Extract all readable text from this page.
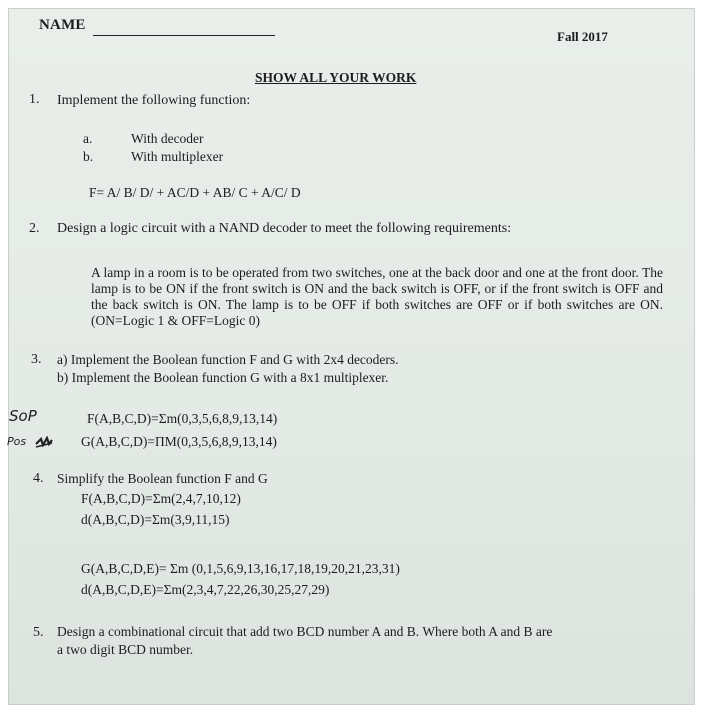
NAME
Fall 2017
SHOW ALL YOUR WORK
1. Implement the following function:
a.	With decoder
b.	With multiplexer
F= A/ B/ D/ + AC/D + AB/ C + A/C/ D
2. Design a logic circuit with a NAND decoder to meet the following requirements:
A lamp in a room is to be operated from two switches, one at the back door and one at the front door. The lamp is to be ON if the front switch is ON and the back switch is OFF, or if the front switch is OFF and the back switch is ON. The lamp is to be OFF if both switches are OFF or if both switches are ON. (ON=Logic 1 & OFF=Logic 0)
3. a) Implement the Boolean function F and G with 2x4 decoders.
b) Implement the Boolean function G with a 8x1 multiplexer.
SoP
Pos
F(A,B,C,D)=Σm(0,3,5,6,8,9,13,14)
G(A,B,C,D)=ΠM(0,3,5,6,8,9,13,14)
4. Simplify the Boolean function F and G
F(A,B,C,D)=Σm(2,4,7,10,12)
d(A,B,C,D)=Σm(3,9,11,15)
G(A,B,C,D,E)= Σm (0,1,5,6,9,13,16,17,18,19,20,21,23,31)
d(A,B,C,D,E)=Σm(2,3,4,7,22,26,30,25,27,29)
5. Design a combinational circuit that add two BCD number A and B. Where both A and B are
a two digit BCD number.
